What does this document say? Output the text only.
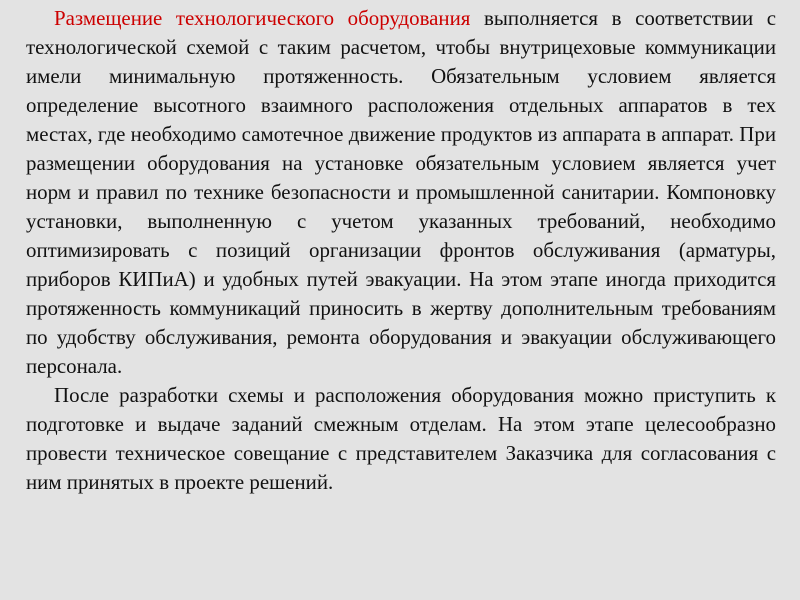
Размещение технологического оборудования выполняется в соответствии с технологической схемой с таким расчетом, чтобы внутрицеховые коммуникации имели минимальную протяженность. Обязательным условием является определение высотного взаимного расположения отдельных аппаратов в тех местах, где необходимо самотечное движение продуктов из аппарата в аппарат. При размещении оборудования на установке обязательным условием является учет норм и правил по технике безопасности и промышленной санитарии. Компоновку установки, выполненную с учетом указанных требований, необходимо оптимизировать с позиций организации фронтов обслуживания (арматуры, приборов КИПиА) и удобных путей эвакуации. На этом этапе иногда приходится протяженность коммуникаций приносить в жертву дополнительным требованиям по удобству обслуживания, ремонта оборудования и эвакуации обслуживающего персонала.

После разработки схемы и расположения оборудования можно приступить к подготовке и выдаче заданий смежным отделам. На этом этапе целесообразно провести техническое совещание с представителем Заказчика для согласования с ним принятых в проекте решений.
